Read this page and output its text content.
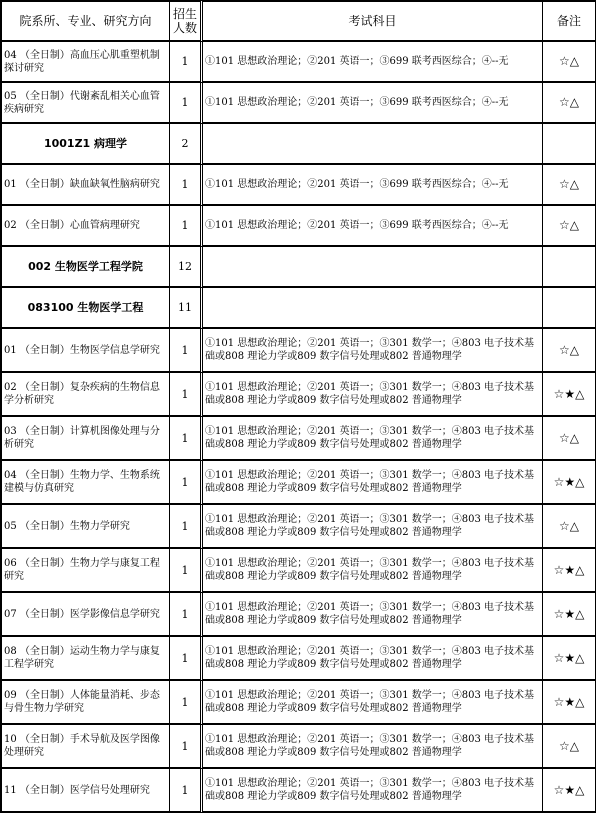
院系所、专业、研究方向	招生人数	考试科目	备注
04 （全日制）高血压心肌重塑机制探讨研究	1	①101 思想政治理论；②201 英语一；③699 联考西医综合；④--无	☆△
05 （全日制）代谢紊乱相关心血管疾病研究	1	①101 思想政治理论；②201 英语一；③699 联考西医综合；④--无	☆△
1001Z1 病理学	2		
01 （全日制）缺血缺氧性脑病研究	1	①101 思想政治理论；②201 英语一；③699 联考西医综合；④--无	☆△
02 （全日制）心血管病理研究	1	①101 思想政治理论；②201 英语一；③699 联考西医综合；④--无	☆△
002 生物医学工程学院	12		
083100 生物医学工程	11		
01 （全日制）生物医学信息学研究	1	①101 思想政治理论；②201 英语一；③301 数学一；④803 电子技术基础或808 理论力学或809 数字信号处理或802 普通物理学	☆△
02 （全日制）复杂疾病的生物信息学分析研究	1	①101 思想政治理论；②201 英语一；③301 数学一；④803 电子技术基础或808 理论力学或809 数字信号处理或802 普通物理学	☆★△
03 （全日制）计算机图像处理与分析研究	1	①101 思想政治理论；②201 英语一；③301 数学一；④803 电子技术基础或808 理论力学或809 数字信号处理或802 普通物理学	☆△
04 （全日制）生物力学、生物系统建模与仿真研究	1	①101 思想政治理论；②201 英语一；③301 数学一；④803 电子技术基础或808 理论力学或809 数字信号处理或802 普通物理学	☆★△
05 （全日制）生物力学研究	1	①101 思想政治理论；②201 英语一；③301 数学一；④803 电子技术基础或808 理论力学或809 数字信号处理或802 普通物理学	☆△
06 （全日制）生物力学与康复工程研究	1	①101 思想政治理论；②201 英语一；③301 数学一；④803 电子技术基础或808 理论力学或809 数字信号处理或802 普通物理学	☆★△
07 （全日制）医学影像信息学研究	1	①101 思想政治理论；②201 英语一；③301 数学一；④803 电子技术基础或808 理论力学或809 数字信号处理或802 普通物理学	☆★△
08 （全日制）运动生物力学与康复工程学研究	1	①101 思想政治理论；②201 英语一；③301 数学一；④803 电子技术基础或808 理论力学或809 数字信号处理或802 普通物理学	☆★△
09 （全日制）人体能量消耗、步态与骨生物力学研究	1	①101 思想政治理论；②201 英语一；③301 数学一；④803 电子技术基础或808 理论力学或809 数字信号处理或802 普通物理学	☆★△
10 （全日制）手术导航及医学图像处理研究	1	①101 思想政治理论；②201 英语一；③301 数学一；④803 电子技术基础或808 理论力学或809 数字信号处理或802 普通物理学	☆△
11 （全日制）医学信号处理研究	1	①101 思想政治理论；②201 英语一；③301 数学一；④803 电子技术基础或808 理论力学或809 数字信号处理或802 普通物理学	☆★△
